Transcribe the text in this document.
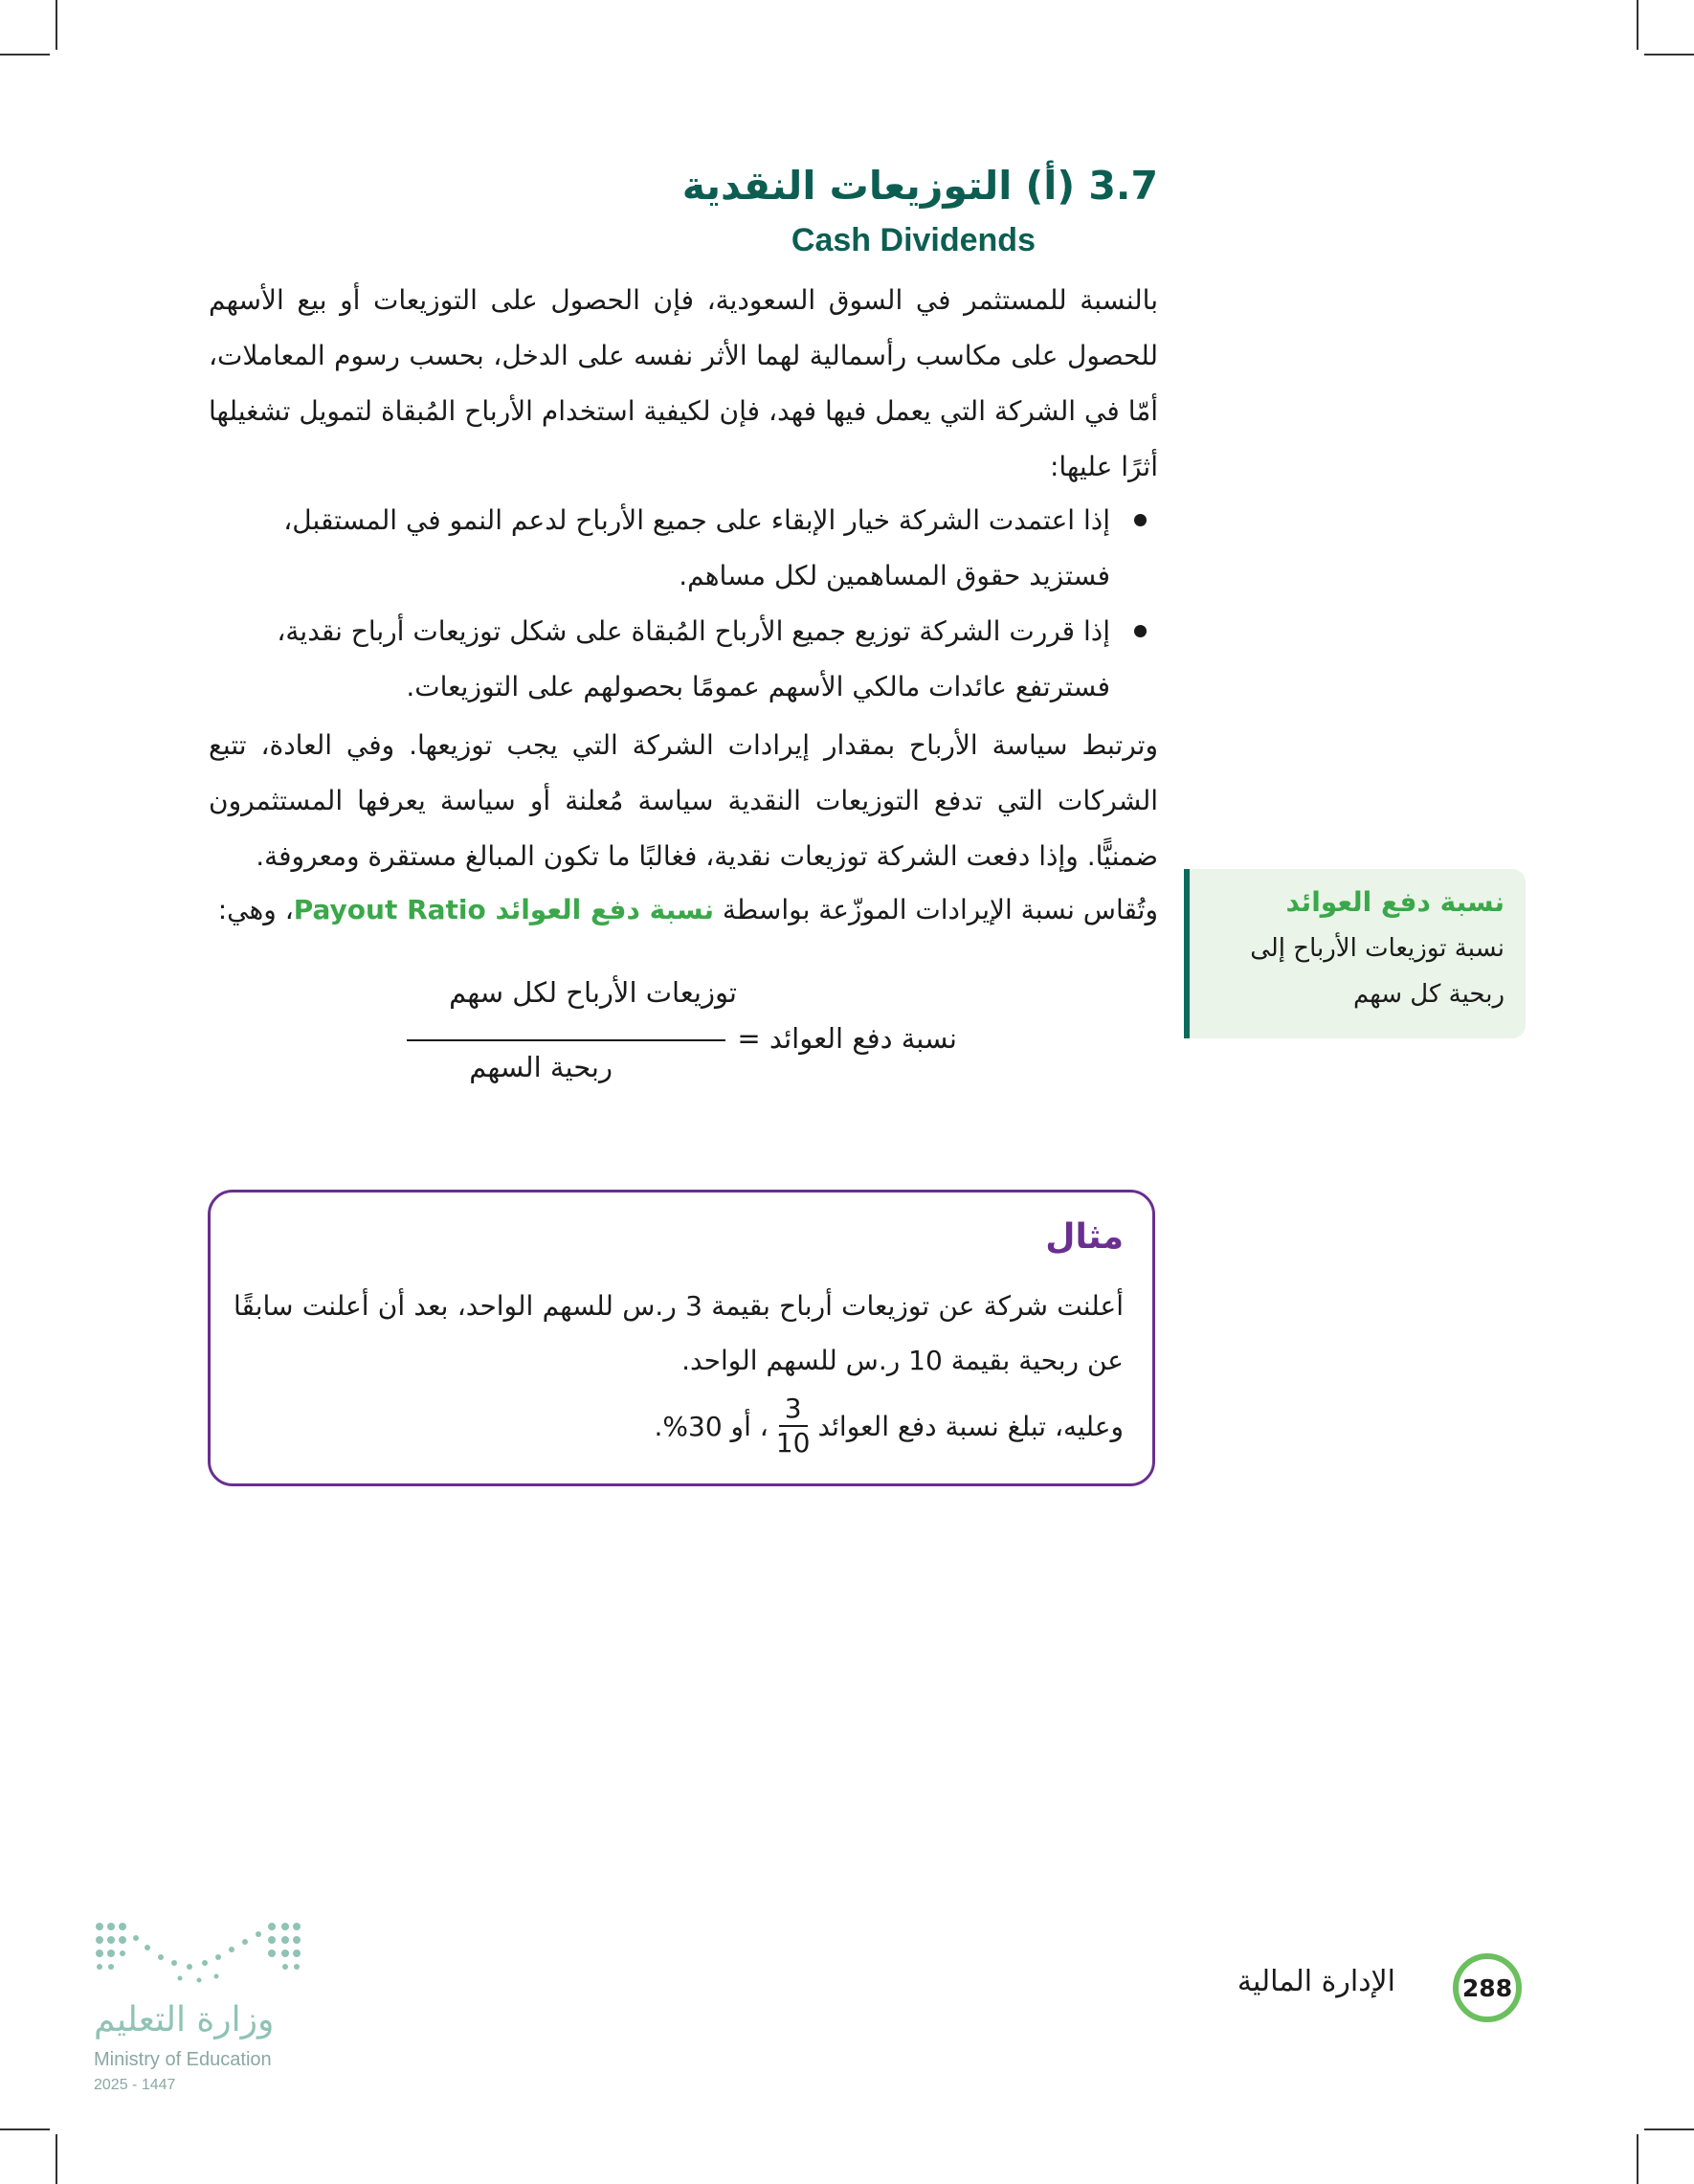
3.7 (أ) التوزيعات النقدية
Cash Dividends

بالنسبة للمستثمر في السوق السعودية، فإن الحصول على التوزيعات أو بيع الأسهم للحصول على مكاسب رأسمالية لهما الأثر نفسه على الدخل، بحسب رسوم المعاملات، أمّا في الشركة التي يعمل فيها فهد، فإن لكيفية استخدام الأرباح المُبقاة لتمويل تشغيلها أثرًا عليها:

إذا اعتمدت الشركة خيار الإبقاء على جميع الأرباح لدعم النمو في المستقبل، فستزيد حقوق المساهمين لكل مساهم.
إذا قررت الشركة توزيع جميع الأرباح المُبقاة على شكل توزيعات أرباح نقدية، فسترتفع عائدات مالكي الأسهم عمومًا بحصولهم على التوزيعات.

وترتبط سياسة الأرباح بمقدار إيرادات الشركة التي يجب توزيعها. وفي العادة، تتبع الشركات التي تدفع التوزيعات النقدية سياسة مُعلنة أو سياسة يعرفها المستثمرون ضمنيًّا. وإذا دفعت الشركة توزيعات نقدية، فغالبًا ما تكون المبالغ مستقرة ومعروفة.

وتُقاس نسبة الإيرادات الموزّعة بواسطة نسبة دفع العوائد Payout Ratio، وهي:

توزيعات الأرباح لكل سهم
ربحية السهم
نسبة دفع العوائد =

نسبة دفع العوائد

نسبة توزيعات الأرباح إلى ربحية كل سهم

مثال

أعلنت شركة عن توزيعات أرباح بقيمة 3 ر.س للسهم الواحد، بعد أن أعلنت سابقًا عن ربحية بقيمة 10 ر.س للسهم الواحد.

وعليه، تبلغ نسبة دفع العوائد
$\frac{3}{10}$
، أو 30%.
288
الإدارة المالية
وزارة التعليم
Ministry of Education
2025 - 1447
